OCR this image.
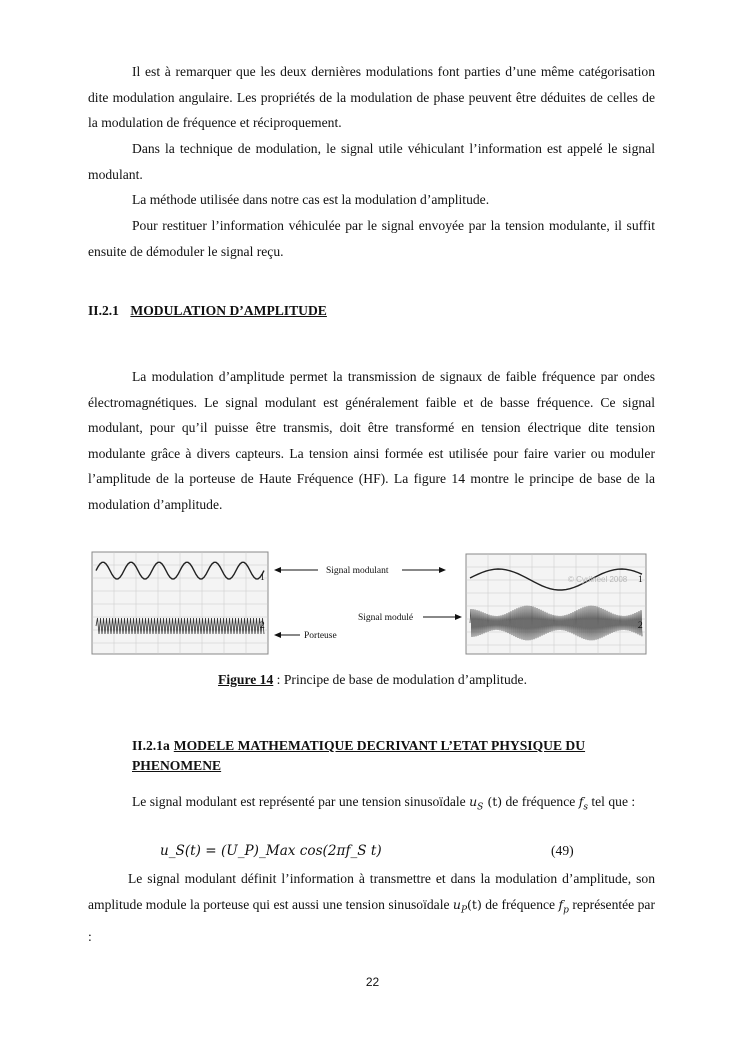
Il est à remarquer que les deux dernières modulations font parties d’une même catégorisation dite modulation angulaire. Les propriétés de la modulation de phase peuvent être déduites de celles de la modulation de fréquence et réciproquement.

Dans la technique de modulation, le signal utile véhiculant l’information est appelé le signal modulant.

La méthode utilisée dans notre cas est la modulation d’amplitude.

Pour restituer l’information véhiculée par le signal envoyée par la tension modulante, il suffit ensuite de démoduler le signal reçu.

II.2.1 MODULATION D’AMPLITUDE

La modulation d’amplitude permet la transmission de signaux de faible fréquence par ondes électromagnétiques. Le signal modulant est généralement faible et de basse fréquence. Ce signal modulant, pour qu’il puisse être transmis, doit être transformé en tension électrique dite tension modulante grâce à divers capteurs. La tension ainsi formée est utilisée pour faire varier ou moduler l’amplitude de la porteuse de Haute Fréquence (HF). La figure 14 montre le principe de base de la modulation d’amplitude.

1
2
Signal modulant
Signal modulé
Porteuse
© Cyrilneel 2008 1
2
Figure 14 : Principe de base de modulation d’amplitude.
II.2.1a MODELE MATHEMATIQUE DECRIVANT L’ETAT PHYSIQUE DU
PHENOMENE

Le signal modulant est représenté par une tension sinusoïdale $u_S$ (t) de fréquence $f_s$ tel que :

u_S(t) = (U_P)_Max cos(2πf_S t)	(49)

Le signal modulant définit l’information à transmettre et dans la modulation d’amplitude, son amplitude module la porteuse qui est aussi une tension sinusoïdale $u_P(t)$ de fréquence $f_p$ représentée par :

22
